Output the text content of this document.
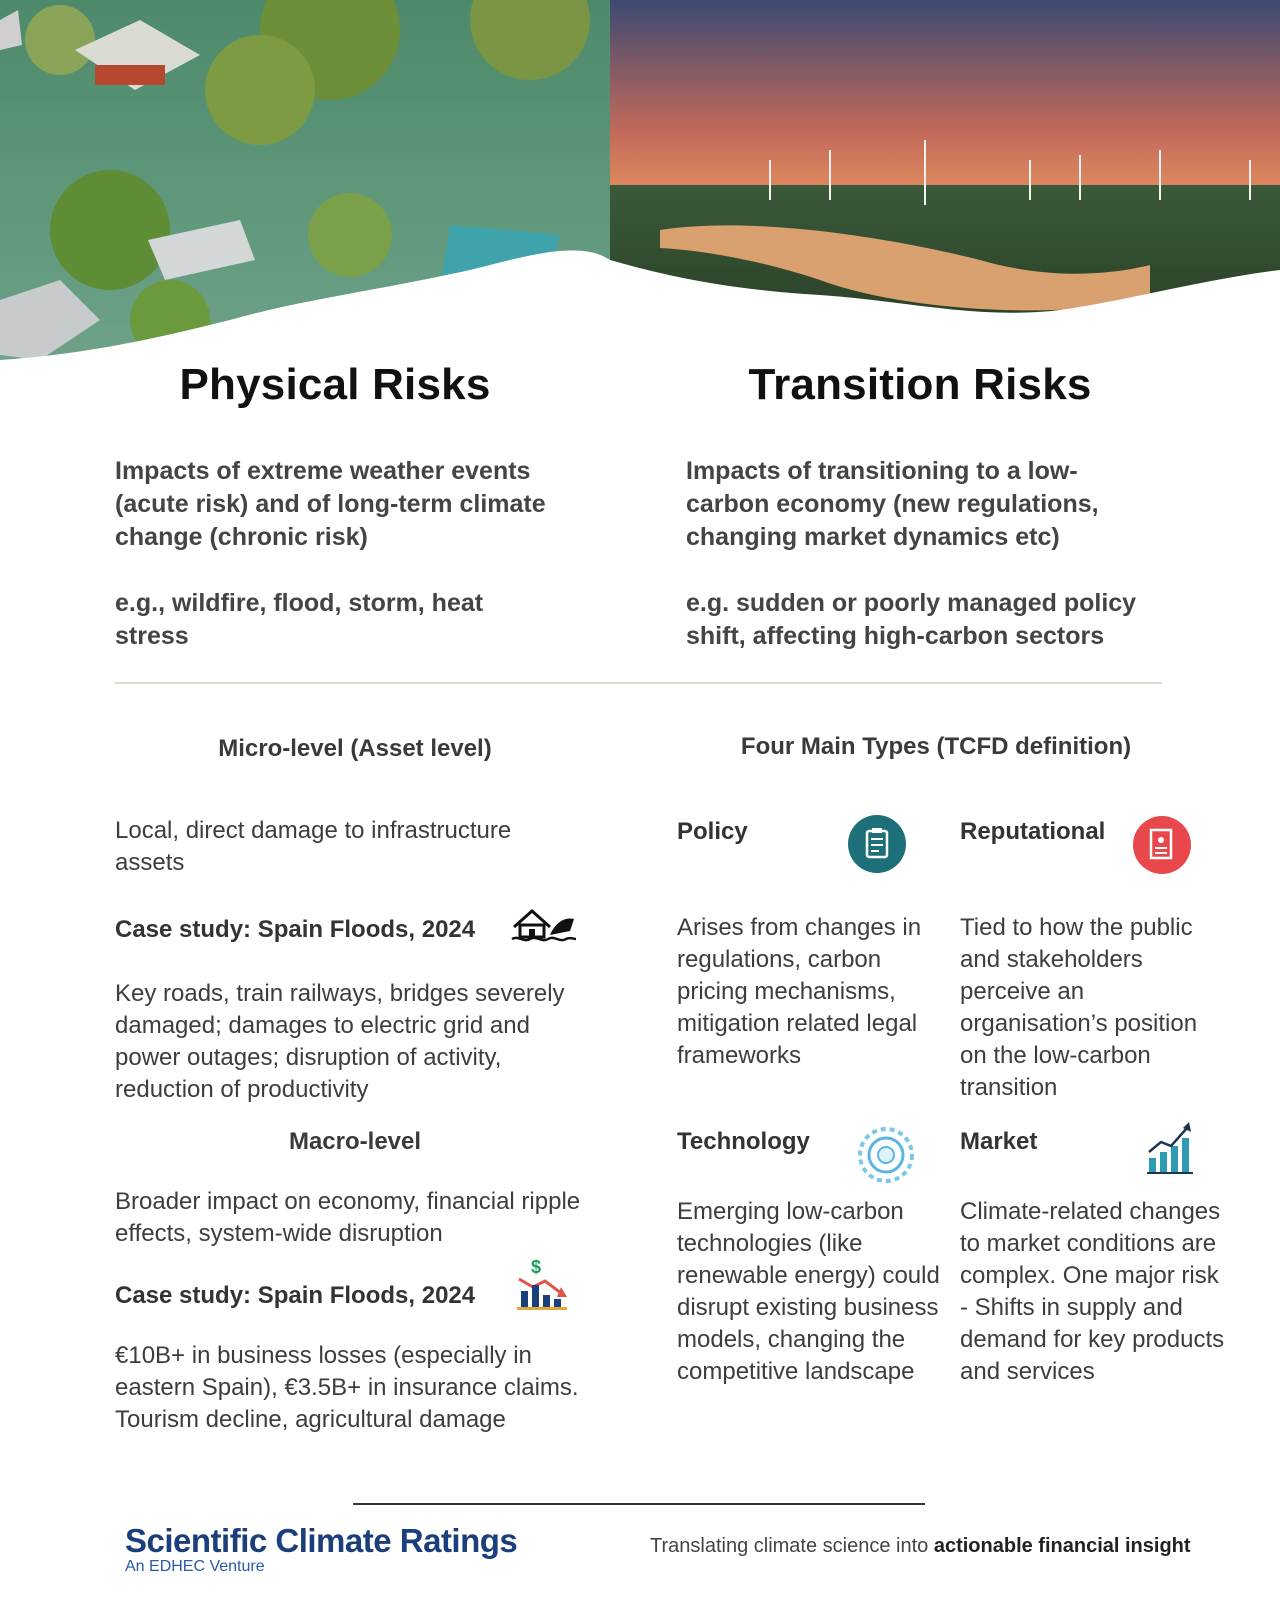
Physical Risks	Transition Risks

Impacts of extreme weather events (acute risk) and of long-term climate change (chronic risk)

Impacts of transitioning to a low-carbon economy (new regulations, changing market dynamics etc)

e.g., wildfire, flood, storm, heat stress

e.g. sudden or poorly managed policy shift, affecting high-carbon sectors

Micro-level (Asset level)

Local, direct damage to infrastructure assets

Case study: Spain Floods, 2024

Key roads, train railways, bridges severely damaged; damages to electric grid and power outages; disruption of activity, reduction of productivity

Macro-level

Broader impact on economy, financial ripple effects, system-wide disruption

Case study: Spain Floods, 2024
$

€10B+ in business losses (especially in eastern Spain), €3.5B+ in insurance claims. Tourism decline, agricultural damage

Four Main Types (TCFD definition)
Policy

Arises from changes in regulations, carbon pricing mechanisms, mitigation related legal frameworks

Reputational

Tied to how the public and stakeholders perceive an organisation’s position on the low-carbon transition

Technology

Emerging low-carbon technologies (like renewable energy) could disrupt existing business models, changing the competitive landscape

Market

Climate-related changes to market conditions are complex. One major risk - Shifts in supply and demand for key products and services

Scientific Climate Ratings
An EDHEC Venture
Translating climate science into actionable financial insight
